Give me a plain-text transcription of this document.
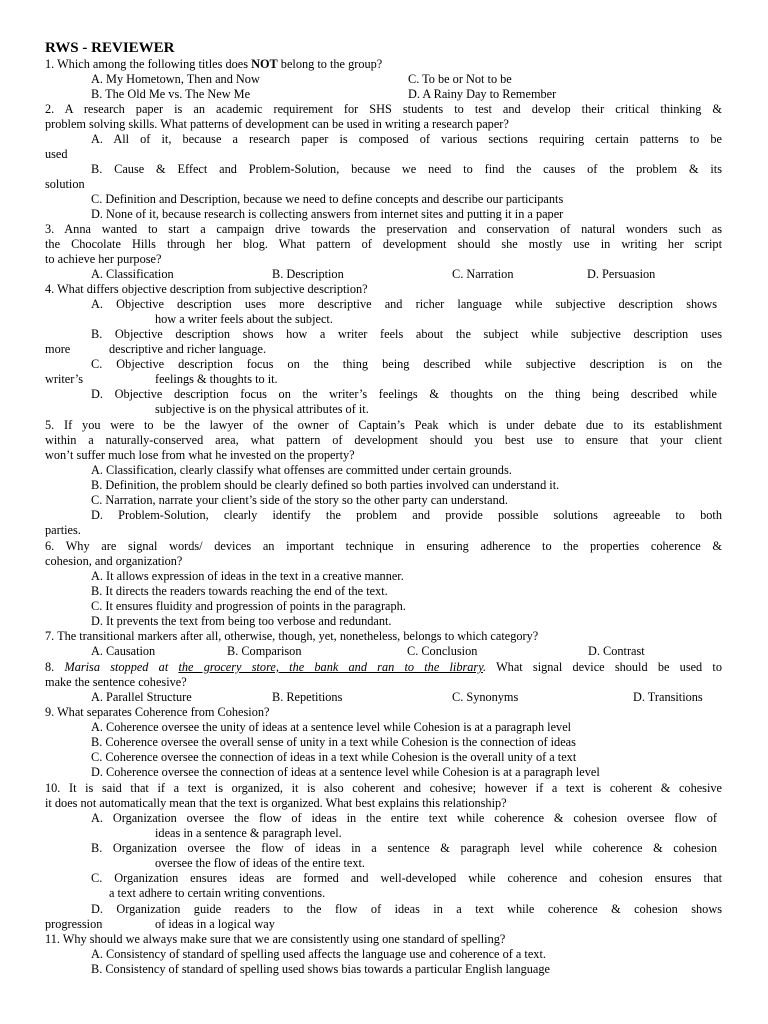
RWS - REVIEWER
1. Which among the following titles does NOT belong to the group?
A. My Hometown, Then and Now	C. To be or Not to be
B. The Old Me vs. The New Me	D. A Rainy Day to Remember
2. A research paper is an academic requirement for SHS students to test and develop their critical thinking &
problem solving skills. What patterns of development can be used in writing a research paper?
A. All of it, because a research paper is composed of various sections requiring certain patterns to be
used
B. Cause & Effect and Problem-Solution, because we need to find the causes of the problem & its
solution
C. Definition and Description, because we need to define concepts and describe our participants
D. None of it, because research is collecting answers from internet sites and putting it in a paper
3. Anna wanted to start a campaign drive towards the preservation and conservation of natural wonders such as
the Chocolate Hills through her blog. What pattern of development should she mostly use in writing her script
to achieve her purpose?
A. Classification	B. Description	C. Narration	D. Persuasion
4. What differs objective description from subjective description?
A. Objective description uses more descriptive and richer language while subjective description shows
how a writer feels about the subject.
B. Objective description shows how a writer feels about the subject while subjective description uses
more	descriptive and richer language.
C. Objective description focus on the thing being described while subjective description is on the
writer’s	feelings & thoughts to it.
D. Objective description focus on the writer’s feelings & thoughts on the thing being described while
subjective is on the physical attributes of it.
5. If you were to be the lawyer of the owner of Captain’s Peak which is under debate due to its establishment
within a naturally-conserved area, what pattern of development should you best use to ensure that your client
won’t suffer much lose from what he invested on the property?
A. Classification, clearly classify what offenses are committed under certain grounds.
B. Definition, the problem should be clearly defined so both parties involved can understand it.
C. Narration, narrate your client’s side of the story so the other party can understand.
D. Problem-Solution, clearly identify the problem and provide possible solutions agreeable to both
parties.
6. Why are signal words/ devices an important technique in ensuring adherence to the properties coherence &
cohesion, and organization?
A. It allows expression of ideas in the text in a creative manner.
B. It directs the readers towards reaching the end of the text.
C. It ensures fluidity and progression of points in the paragraph.
D. It prevents the text from being too verbose and redundant.
7. The transitional markers after all, otherwise, though, yet, nonetheless, belongs to which category?
A. Causation	B. Comparison	C. Conclusion	D. Contrast
8. Marisa stopped at the grocery store, the bank and ran to the library. What signal device should be used to
make the sentence cohesive?
A. Parallel Structure	B. Repetitions	C. Synonyms	D. Transitions
9. What separates Coherence from Cohesion?
A. Coherence oversee the unity of ideas at a sentence level while Cohesion is at a paragraph level
B. Coherence oversee the overall sense of unity in a text while Cohesion is the connection of ideas
C. Coherence oversee the connection of ideas in a text while Cohesion is the overall unity of a text
D. Coherence oversee the connection of ideas at a sentence level while Cohesion is at a paragraph level
10. It is said that if a text is organized, it is also coherent and cohesive; however if a text is coherent & cohesive
it does not automatically mean that the text is organized. What best explains this relationship?
A. Organization oversee the flow of ideas in the entire text while coherence & cohesion oversee flow of
ideas in a sentence & paragraph level.
B. Organization oversee the flow of ideas in a sentence & paragraph level while coherence & cohesion
oversee the flow of ideas of the entire text.
C. Organization ensures ideas are formed and well-developed while coherence and cohesion ensures that
a text adhere to certain writing conventions.
D. Organization guide readers to the flow of ideas in a text while coherence & cohesion shows
progression	of ideas in a logical way
11. Why should we always make sure that we are consistently using one standard of spelling?
A. Consistency of standard of spelling used affects the language use and coherence of a text.
B. Consistency of standard of spelling used shows bias towards a particular English language
